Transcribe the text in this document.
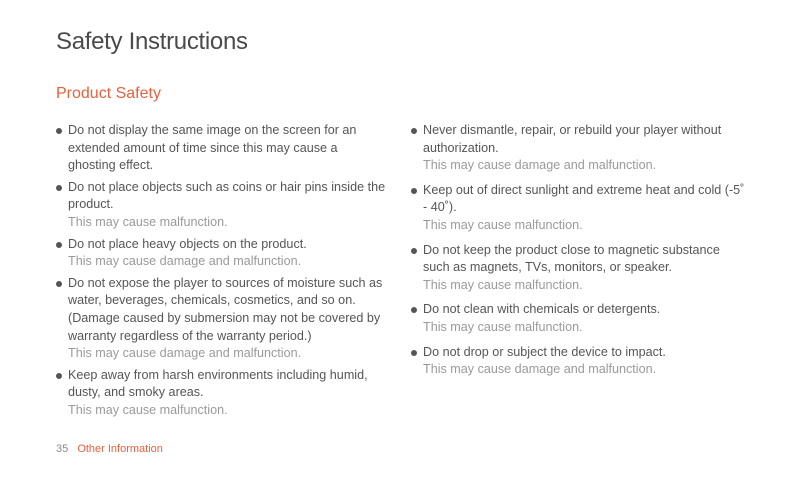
Safety Instructions
Product Safety
Do not display the same image on the screen for an extended amount of time since this may cause a ghosting effect.
Do not place objects such as coins or hair pins inside the product.
This may cause malfunction.
Do not place heavy objects on the product.
This may cause damage and malfunction.
Do not expose the player to sources of moisture such as water, beverages, chemicals, cosmetics, and so on. (Damage caused by submersion may not be covered by warranty regardless of the warranty period.)
This may cause damage and malfunction.
Keep away from harsh environments including humid, dusty, and smoky areas.
This may cause malfunction.
Never dismantle, repair, or rebuild your player without authorization.
This may cause damage and malfunction.
Keep out of direct sunlight and extreme heat and cold (-5˚ - 40˚).
This may cause malfunction.
Do not keep the product close to magnetic substance such as magnets, TVs, monitors, or speaker.
This may cause malfunction.
Do not clean with chemicals or detergents.
This may cause malfunction.
Do not drop or subject the device to impact.
This may cause damage and malfunction.
35 Other Information
